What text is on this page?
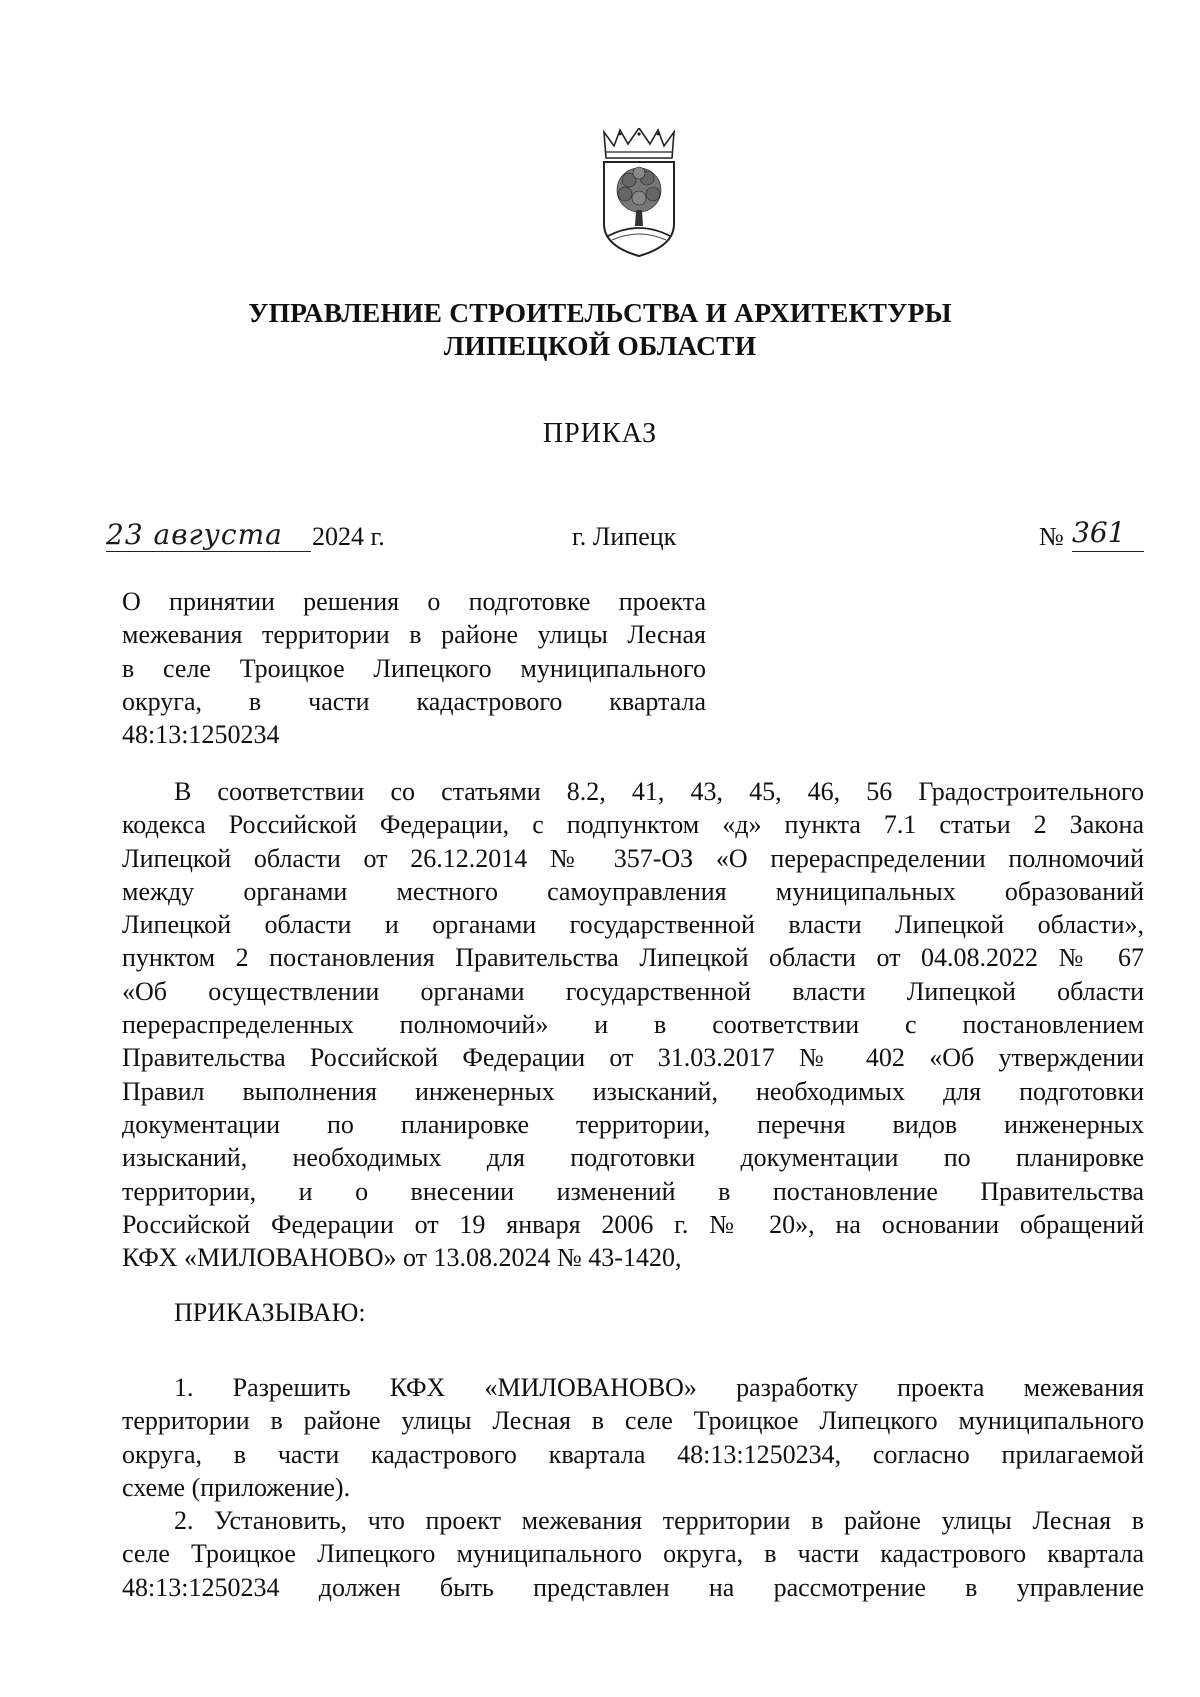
УПРАВЛЕНИЕ СТРОИТЕЛЬСТВА И АРХИТЕКТУРЫ
ЛИПЕЦКОЙ ОБЛАСТИ
ПРИКАЗ
23 августа	2024 г.	г. Липецк	№ 361
О принятии решения о подготовке проекта
межевания территории в районе улицы Лесная
в селе Троицкое Липецкого муниципального
округа, в части кадастрового квартала
48:13:1250234
В соответствии со статьями 8.2, 41, 43, 45, 46, 56 Градостроительного
кодекса Российской Федерации, с подпунктом «д» пункта 7.1 статьи 2 Закона
Липецкой области от 26.12.2014 № 357-ОЗ «О перераспределении полномочий
между органами местного самоуправления муниципальных образований
Липецкой области и органами государственной власти Липецкой области»,
пунктом 2 постановления Правительства Липецкой области от 04.08.2022 № 67
«Об осуществлении органами государственной власти Липецкой области
перераспределенных полномочий» и в соответствии с постановлением
Правительства Российской Федерации от 31.03.2017 № 402 «Об утверждении
Правил выполнения инженерных изысканий, необходимых для подготовки
документации по планировке территории, перечня видов инженерных
изысканий, необходимых для подготовки документации по планировке
территории, и о внесении изменений в постановление Правительства
Российской Федерации от 19 января 2006 г. № 20», на основании обращений
КФХ «МИЛОВАНОВО» от 13.08.2024 № 43-1420,
ПРИКАЗЫВАЮ:
1. Разрешить КФХ «МИЛОВАНОВО» разработку проекта межевания
территории в районе улицы Лесная в селе Троицкое Липецкого муниципального
округа, в части кадастрового квартала 48:13:1250234, согласно прилагаемой
схеме (приложение).
2. Установить, что проект межевания территории в районе улицы Лесная в
селе Троицкое Липецкого муниципального округа, в части кадастрового квартала
48:13:1250234 должен быть представлен на рассмотрение в управление
